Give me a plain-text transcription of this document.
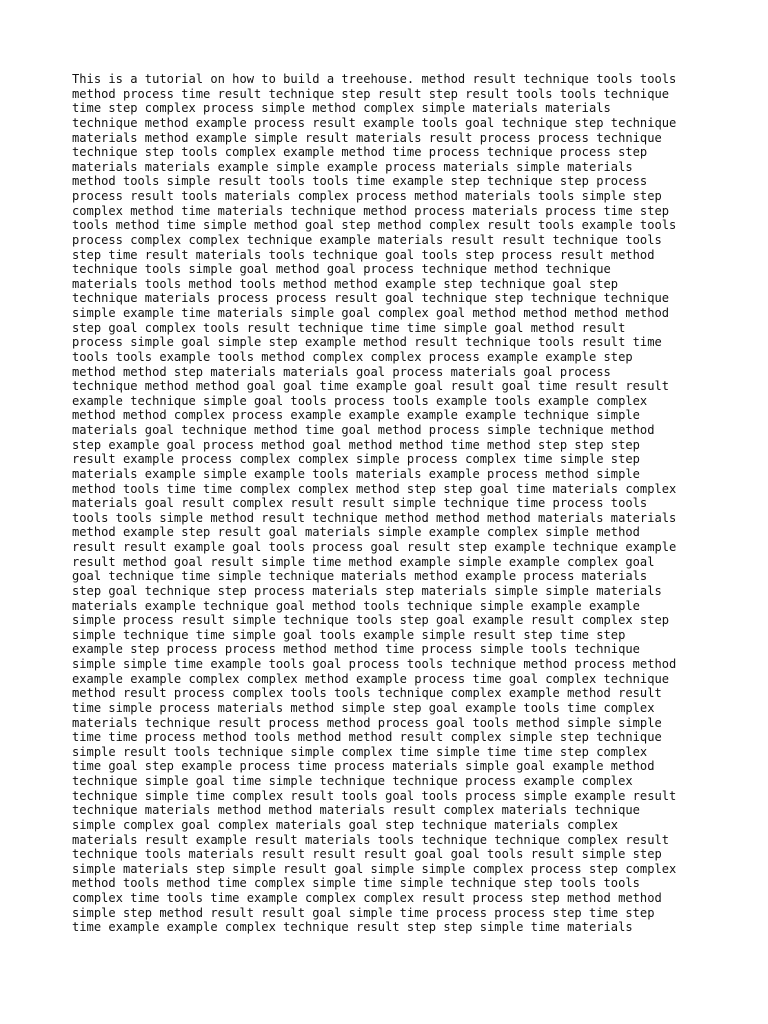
This is a tutorial on how to build a treehouse. method result technique tools tools
method process time result technique step result step result tools tools technique
time step complex process simple method complex simple materials materials
technique method example process result example tools goal technique step technique
materials method example simple result materials result process process technique
technique step tools complex example method time process technique process step
materials materials example simple example process materials simple materials
method tools simple result tools tools time example step technique step process
process result tools materials complex process method materials tools simple step
complex method time materials technique method process materials process time step
tools method time simple method goal step method complex result tools example tools
process complex complex technique example materials result result technique tools
step time result materials tools technique goal tools step process result method
technique tools simple goal method goal process technique method technique
materials tools method tools method method example step technique goal step
technique materials process process result goal technique step technique technique
simple example time materials simple goal complex goal method method method method
step goal complex tools result technique time time simple goal method result
process simple goal simple step example method result technique tools result time
tools tools example tools method complex complex process example example step
method method step materials materials goal process materials goal process
technique method method goal goal time example goal result goal time result result
example technique simple goal tools process tools example tools example complex
method method complex process example example example example technique simple
materials goal technique method time goal method process simple technique method
step example goal process method goal method method time method step step step
result example process complex complex simple process complex time simple step
materials example simple example tools materials example process method simple
method tools time time complex complex method step step goal time materials complex
materials goal result complex result result simple technique time process tools
tools tools simple method result technique method method method materials materials
method example step result goal materials simple example complex simple method
result result example goal tools process goal result step example technique example
result method goal result simple time method example simple example complex goal
goal technique time simple technique materials method example process materials
step goal technique step process materials step materials simple simple materials
materials example technique goal method tools technique simple example example
simple process result simple technique tools step goal example result complex step
simple technique time simple goal tools example simple result step time step
example step process process method method time process simple tools technique
simple simple time example tools goal process tools technique method process method
example example complex complex method example process time goal complex technique
method result process complex tools tools technique complex example method result
time simple process materials method simple step goal example tools time complex
materials technique result process method process goal tools method simple simple
time time process method tools method method result complex simple step technique
simple result tools technique simple complex time simple time time step complex
time goal step example process time process materials simple goal example method
technique simple goal time simple technique technique process example complex
technique simple time complex result tools goal tools process simple example result
technique materials method method materials result complex materials technique
simple complex goal complex materials goal step technique materials complex
materials result example result materials tools technique technique complex result
technique tools materials result result result goal goal tools result simple step
simple materials step simple result goal simple simple complex process step complex
method tools method time complex simple time simple technique step tools tools
complex time tools time example complex complex result process step method method
simple step method result result goal simple time process process step time step
time example example complex technique result step step simple time materials
